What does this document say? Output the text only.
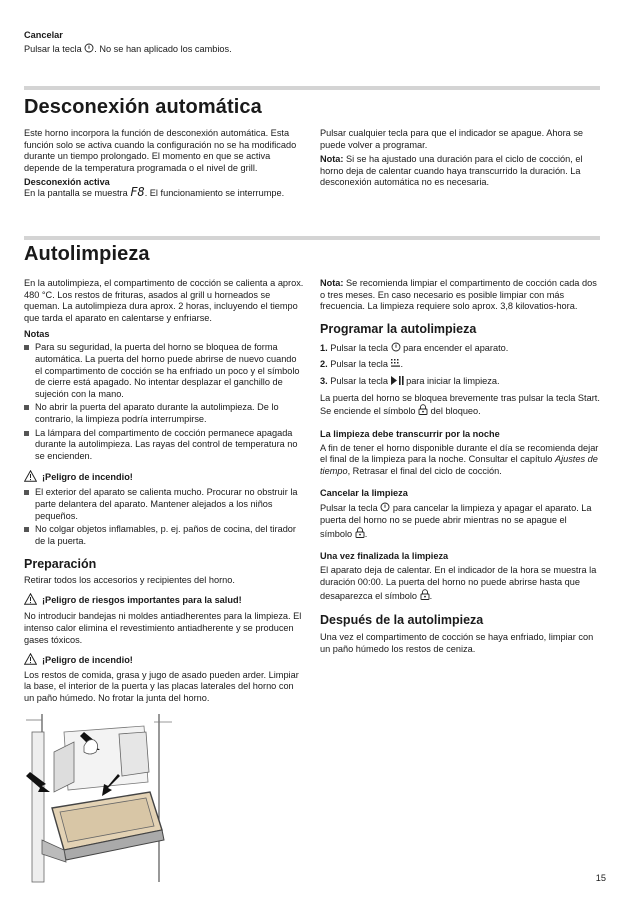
Cancelar
Pulsar la tecla . No se han aplicado los cambios.
Desconexión automática

Este horno incorpora la función de desconexión automática. Esta función solo se activa cuando la configuración no se ha modificado durante un tiempo prolongado. El momento en que se activa depende de la temperatura programada o el nivel de grill.

Desconexión activa

En la pantalla se muestra F8. El funcionamiento se interrumpe.

Pulsar cualquier tecla para que el indicador se apague. Ahora se puede volver a programar.

Nota: Si se ha ajustado una duración para el ciclo de cocción, el horno deja de calentar cuando haya transcurrido la duración. La desconexión automática no es necesaria.

Autolimpieza

En la autolimpieza, el compartimento de cocción se calienta a aprox. 480 °C. Los restos de frituras, asados al grill u horneados se queman. La autolimpieza dura aprox. 2 horas, incluyendo el tiempo que tarda el aparato en calentarse y enfriarse.

Notas
Para su seguridad, la puerta del horno se bloquea de forma automática. La puerta del horno puede abrirse de nuevo cuando el compartimento de cocción se ha enfriado un poco y el símbolo de cierre está apagado. No intentar desplazar el ganchillo de sujeción con la mano.
No abrir la puerta del aparato durante la autolimpieza. De lo contrario, la limpieza podría interrumpirse.
La lámpara del compartimento de cocción permanece apagada durante la autolimpieza. Las rayas del control de temperatura no se encienden.
¡Peligro de incendio!
El exterior del aparato se calienta mucho. Procurar no obstruir la parte delantera del aparato. Mantener alejados a los niños pequeños.
No colgar objetos inflamables, p. ej. paños de cocina, del tirador de la puerta.
Preparación

Retirar todos los accesorios y recipientes del horno.

¡Peligro de riesgos importantes para la salud!

No introducir bandejas ni moldes antiadherentes para la limpieza. El intenso calor elimina el revestimiento antiadherente y se producen gases tóxicos.

¡Peligro de incendio!

Los restos de comida, grasa y jugo de asado pueden arder. Limpiar la base, el interior de la puerta y las placas laterales del horno con un paño húmedo. No frotar la junta del horno.

Nota: Se recomienda limpiar el compartimento de cocción cada dos o tres meses. En caso necesario es posible limpiar con más frecuencia. La limpieza requiere solo aprox. 3,8 kilovatios-hora.

Programar la autolimpieza

1. Pulsar la tecla para encender el aparato.

2. Pulsar la tecla .

3. Pulsar la tecla para iniciar la limpieza.

La puerta del horno se bloquea brevemente tras pulsar la tecla Start. Se enciende el símbolo del bloqueo.

La limpieza debe transcurrir por la noche

A fin de tener el horno disponible durante el día se recomienda dejar el final de la limpieza para la noche. Consultar el capítulo Ajustes de tiempo, Retrasar el final del ciclo de cocción.

Cancelar la limpieza

Pulsar la tecla para cancelar la limpieza y apagar el aparato. La puerta del horno no se puede abrir mientras no se apague el símbolo .

Una vez finalizada la limpieza

El aparato deja de calentar. En el indicador de la hora se muestra la duración 00:00. La puerta del horno no puede abrirse hasta que desaparezca el símbolo .

Después de la autolimpieza

Una vez el compartimento de cocción se haya enfriado, limpiar con un paño húmedo los restos de ceniza.

15
